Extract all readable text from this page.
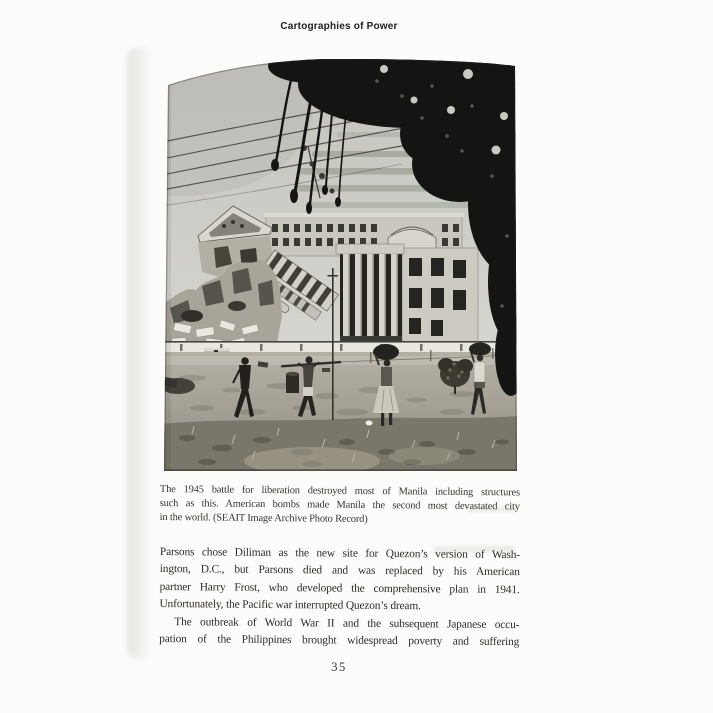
Cartographies of Power
The 1945 battle for liberation destroyed most of Manila including structures
such as this. American bombs made Manila the second most devastated city
in the world. (SEAIT Image Archive Photo Record)
Parsons chose Diliman as the new site for Quezon’s version of Wash-
ington, D.C., but Parsons died and was replaced by his American
partner Harry Frost, who developed the comprehensive plan in 1941.
Unfortunately, the Pacific war interrupted Quezon’s dream.
The outbreak of World War II and the subsequent Japanese occu-
pation of the Philippines brought widespread poverty and suffering
35
